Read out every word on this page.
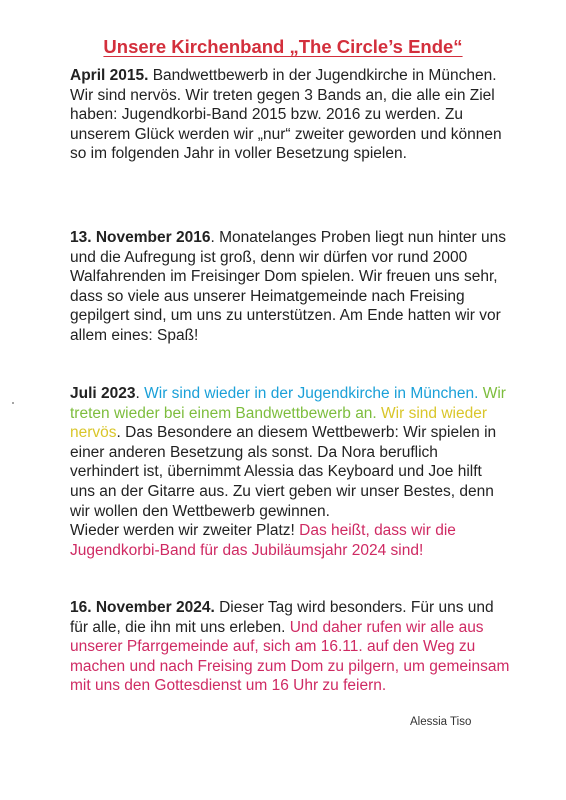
Unsere Kirchenband „The Circle’s Ende“

April 2015. Bandwettbewerb in der Jugendkirche in München. Wir sind nervös. Wir treten gegen 3 Bands an, die alle ein Ziel haben: Jugendkorbi-Band 2015 bzw. 2016 zu werden. Zu unserem Glück werden wir „nur“ zweiter geworden und können so im folgenden Jahr in voller Besetzung spielen.

13. November 2016. Monatelanges Proben liegt nun hinter uns und die Aufregung ist groß, denn wir dürfen vor rund 2000 Walfahrenden im Freisinger Dom spielen. Wir freuen uns sehr, dass so viele aus unserer Heimatgemeinde nach Freising gepilgert sind, um uns zu unterstützen. Am Ende hatten wir vor allem eines: Spaß!

Juli 2023. Wir sind wieder in der Jugendkirche in München. Wir treten wieder bei einem Bandwettbewerb an. Wir sind wieder nervös. Das Besondere an diesem Wettbewerb: Wir spielen in einer anderen Besetzung als sonst. Da Nora beruflich verhindert ist, übernimmt Alessia das Keyboard und Joe hilft uns an der Gitarre aus. Zu viert geben wir unser Bestes, denn wir wollen den Wettbewerb gewinnen.
Wieder werden wir zweiter Platz! Das heißt, dass wir die Jugendkorbi-Band für das Jubiläumsjahr 2024 sind!

16. November 2024. Dieser Tag wird besonders. Für uns und für alle, die ihn mit uns erleben. Und daher rufen wir alle aus unserer Pfarrgemeinde auf, sich am 16.11. auf den Weg zu machen und nach Freising zum Dom zu pilgern, um gemeinsam mit uns den Gottesdienst um 16 Uhr zu feiern.

Alessia Tiso
